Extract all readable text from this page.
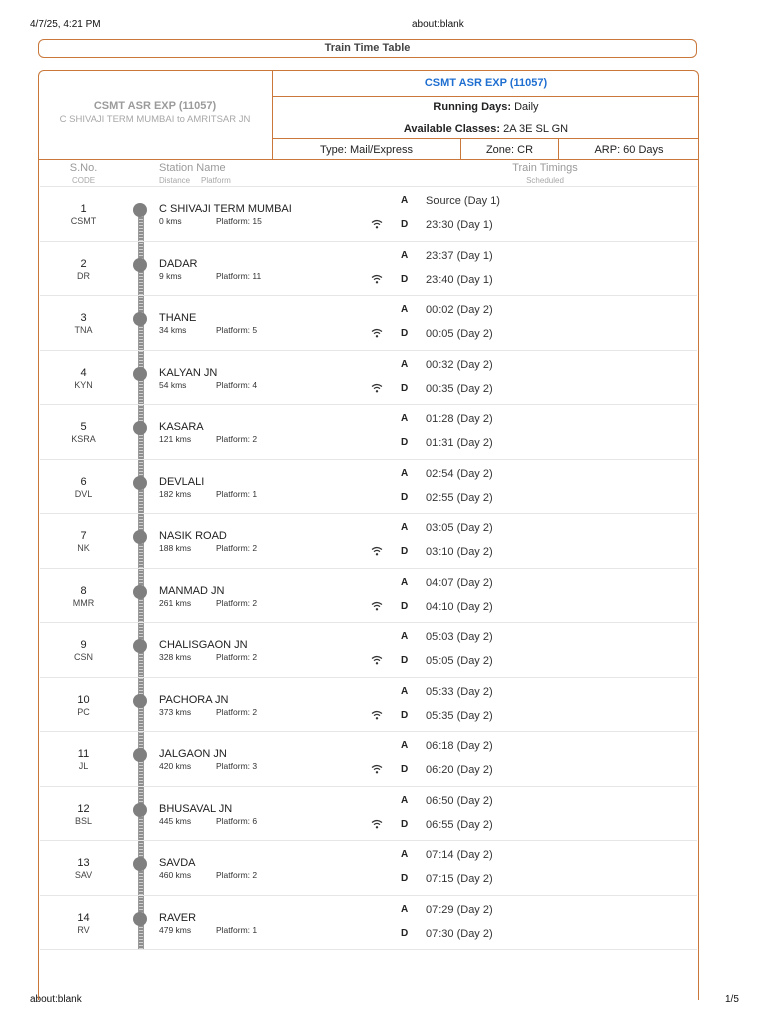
4/7/25, 4:21 PM	about:blank
about:blank	1/5
Train Time Table
CSMT ASR EXP (11057)
C SHIVAJI TERM MUMBAI to AMRITSAR JN
CSMT ASR EXP (11057)
Running Days: Daily
Available Classes: 2A 3E SL GN
Type: Mail/Express	Zone: CR	ARP: 60 Days
S.No.
CODE
Station Name
Distance Platform
Train Timings
Scheduled
1
CSMT
C SHIVAJI TERM MUMBAI
0 kms	Platform: 15
A Source (Day 1)
D 23:30 (Day 1)
2
DR
DADAR
9 kms	Platform: 11
A 23:37 (Day 1)
D 23:40 (Day 1)
3
TNA
THANE
34 kms	Platform: 5
A 00:02 (Day 2)
D 00:05 (Day 2)
4
KYN
KALYAN JN
54 kms	Platform: 4
A 00:32 (Day 2)
D 00:35 (Day 2)
5
KSRA
KASARA
121 kms	Platform: 2
A 01:28 (Day 2)
D 01:31 (Day 2)
6
DVL
DEVLALI
182 kms	Platform: 1
A 02:54 (Day 2)
D 02:55 (Day 2)
7
NK
NASIK ROAD
188 kms	Platform: 2
A 03:05 (Day 2)
D 03:10 (Day 2)
8
MMR
MANMAD JN
261 kms	Platform: 2
A 04:07 (Day 2)
D 04:10 (Day 2)
9
CSN
CHALISGAON JN
328 kms	Platform: 2
A 05:03 (Day 2)
D 05:05 (Day 2)
10
PC
PACHORA JN
373 kms	Platform: 2
A 05:33 (Day 2)
D 05:35 (Day 2)
11
JL
JALGAON JN
420 kms	Platform: 3
A 06:18 (Day 2)
D 06:20 (Day 2)
12
BSL
BHUSAVAL JN
445 kms	Platform: 6
A 06:50 (Day 2)
D 06:55 (Day 2)
13
SAV
SAVDA
460 kms	Platform: 2
A 07:14 (Day 2)
D 07:15 (Day 2)
14
RV
RAVER
479 kms	Platform: 1
A 07:29 (Day 2)
D 07:30 (Day 2)
